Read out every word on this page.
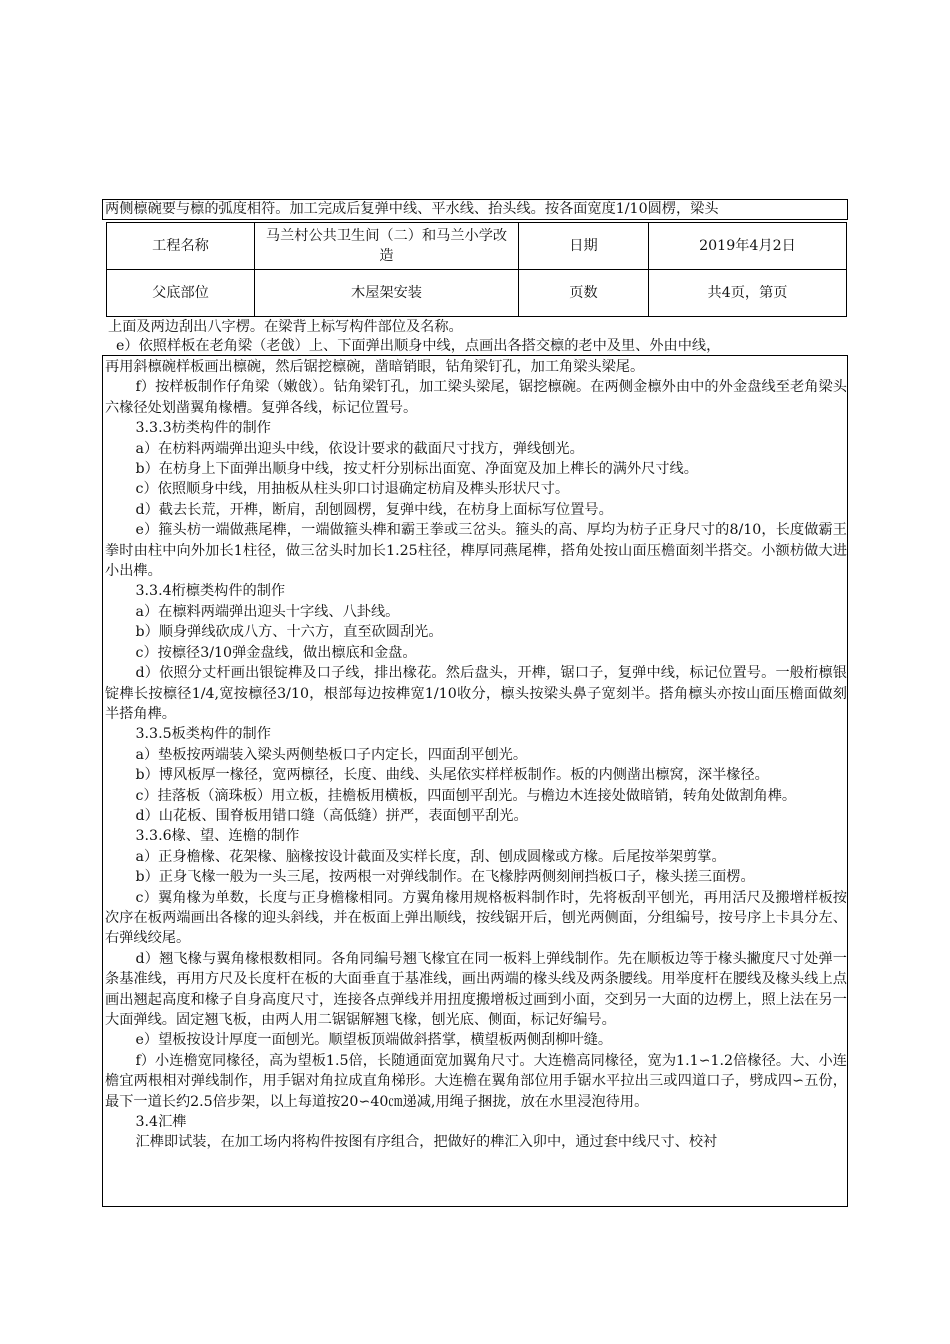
两侧檩碗要与檩的弧度相符。加工完成后复弹中线、平水线、抬头线。按各面宽度1/10圆楞，梁头
工程名称	马兰村公共卫生间（二）和马兰小学改造	日期	2019年4月2日
父底部位	木屋架安装	页数	共4页，第页
上面及两边刮出八字楞。在梁背上标写构件部位及名称。
e）依照样板在老角梁（老戗）上、下面弹出顺身中线，点画出各搭交檩的老中及里、外由中线，

再用斜檩碗样板画出檩碗，然后锯挖檩碗，凿暗销眼，钻角梁钉孔，加工角梁头梁尾。

f）按样板制作仔角梁（嫩戗）。钻角梁钉孔，加工梁头梁尾，锯挖檩碗。在两侧金檩外由中的外金盘线至老角梁头六椽径处划凿翼角椽槽。复弹各线，标记位置号。

3.3.3枋类构件的制作

a）在枋料两端弹出迎头中线，依设计要求的截面尺寸找方，弹线刨光。

b）在枋身上下面弹出顺身中线，按丈杆分别标出面宽、净面宽及加上榫长的满外尺寸线。

c）依照顺身中线，用抽板从柱头卯口讨退确定枋肩及榫头形状尺寸。

d）截去长荒，开榫，断肩，刮刨圆楞，复弹中线，在枋身上面标写位置号。

e）箍头枋一端做燕尾榫，一端做箍头榫和霸王拳或三岔头。箍头的高、厚均为枋子正身尺寸的8/10，长度做霸王拳时由柱中向外加长1柱径，做三岔头时加长1.25柱径，榫厚同燕尾榫，搭角处按山面压檐面刻半搭交。小额枋做大进小出榫。

3.3.4桁檩类构件的制作

a）在檩料两端弹出迎头十字线、八卦线。

b）顺身弹线砍成八方、十六方，直至砍圆刮光。

c）按檩径3/10弹金盘线，做出檩底和金盘。

d）依照分丈杆画出银锭榫及口子线，排出椽花。然后盘头，开榫，锯口子，复弹中线，标记位置号。一般桁檩银锭榫长按檩径1/4,宽按檩径3/10，根部每边按榫宽1/10收分，檩头按梁头鼻子宽刻半。搭角檩头亦按山面压檐面做刻半搭角榫。

3.3.5板类构件的制作

a）垫板按两端装入梁头两侧垫板口子内定长，四面刮平刨光。

b）博风板厚一椽径，宽两檩径，长度、曲线、头尾依实样样板制作。板的内侧凿出檩窝，深半椽径。

c）挂落板（滴珠板）用立板，挂檐板用横板，四面刨平刮光。与檐边木连接处做暗销，转角处做割角榫。

d）山花板、围脊板用错口缝（高低缝）拼严，表面刨平刮光。

3.3.6椽、望、连檐的制作

a）正身檐椽、花架椽、脑椽按设计截面及实样长度，刮、刨成圆椽或方椽。后尾按举架剪掌。

b）正身飞椽一般为一头三尾，按两根一对弹线制作。在飞椽脖两侧刻闸挡板口子，椽头搓三面楞。

c）翼角椽为单数，长度与正身檐椽相同。方翼角椽用规格板料制作时，先将板刮平刨光，再用活尺及搬增样板按次序在板两端画出各椽的迎头斜线，并在板面上弹出顺线，按线锯开后，刨光两侧面，分组编号，按号序上卡具分左、右弹线绞尾。

d）翘飞椽与翼角椽根数相同。各角同编号翘飞椽宜在同一板料上弹线制作。先在顺板边等于椽头撇度尺寸处弹一条基准线，再用方尺及长度杆在板的大面垂直于基准线，画出两端的椽头线及两条腰线。用举度杆在腰线及椽头线上点画出翘起高度和椽子自身高度尺寸，连接各点弹线并用扭度搬增板过画到小面，交到另一大面的边楞上，照上法在另一大面弹线。固定翘飞板，由两人用二锯锯解翘飞椽，刨光底、侧面，标记好编号。

e）望板按设计厚度一面刨光。顺望板顶端做斜搭掌，横望板两侧刮柳叶缝。

f）小连檐宽同椽径，高为望板1.5倍，长随通面宽加翼角尺寸。大连檐高同椽径，宽为1.1∽1.2倍椽径。大、小连檐宜两根相对弹线制作，用手锯对角拉成直角梯形。大连檐在翼角部位用手锯水平拉出三或四道口子，劈成四∽五份，最下一道长约2.5倍步架，以上每道按20∽40㎝递减,用绳子捆拢，放在水里浸泡待用。

3.4汇榫

汇榫即试装，在加工场内将构件按图有序组合，把做好的榫汇入卯中，通过套中线尺寸、校衬
